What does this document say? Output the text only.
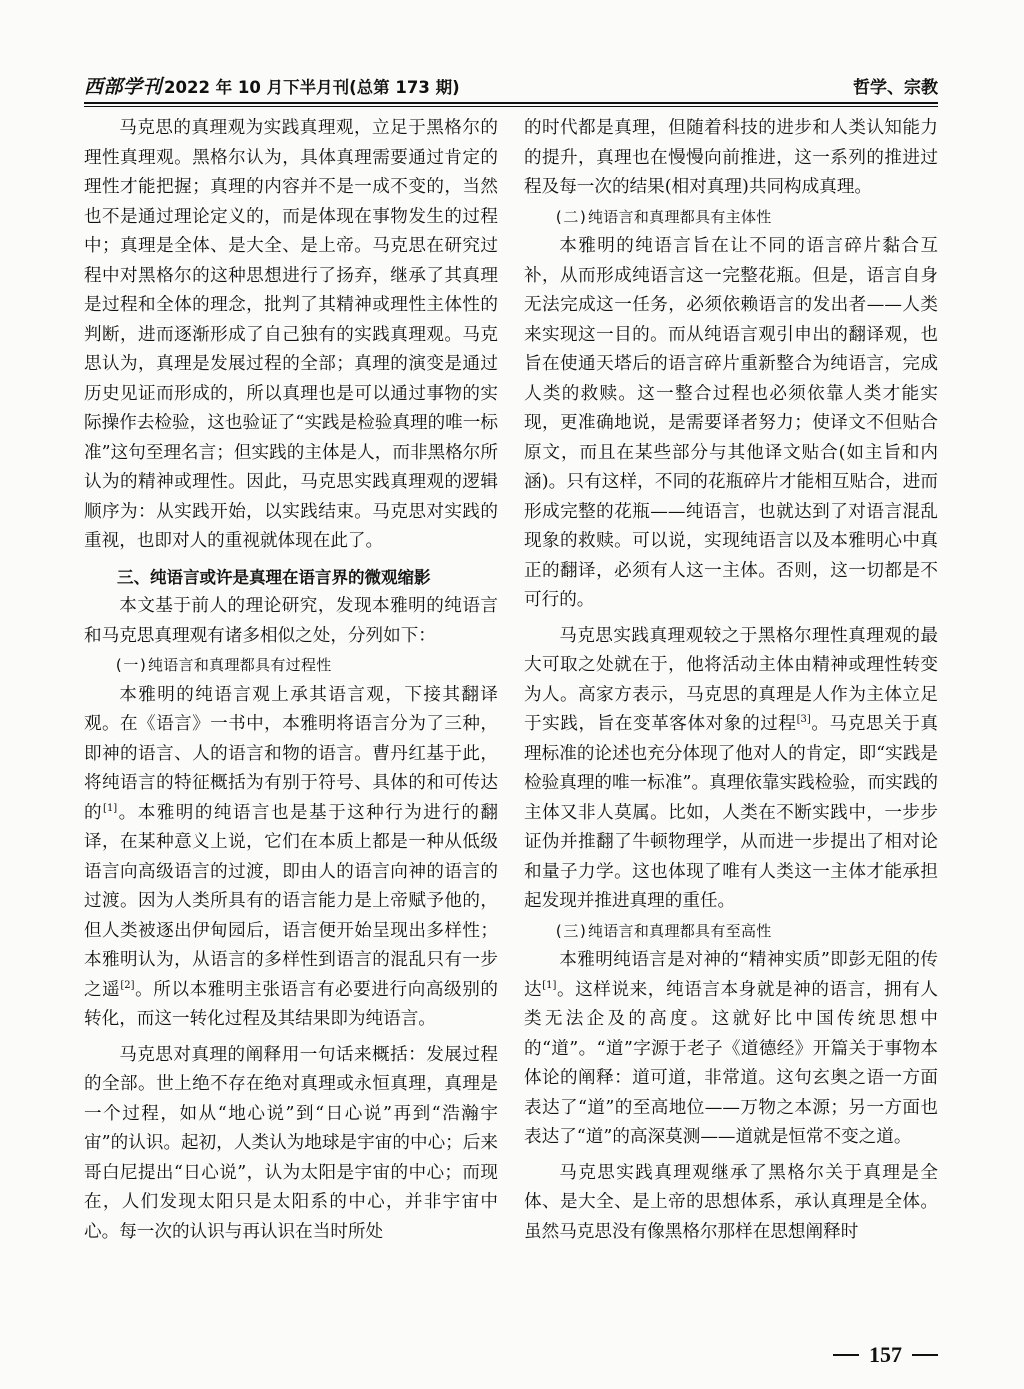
西部学刊 2022 年 10 月下半月刊(总第 173 期)	哲学、宗教

马克思的真理观为实践真理观，立足于黑格尔的理性真理观。黑格尔认为，具体真理需要通过肯定的理性才能把握；真理的内容并不是一成不变的，当然也不是通过理论定义的，而是体现在事物发生的过程中；真理是全体、是大全、是上帝。马克思在研究过程中对黑格尔的这种思想进行了扬弃，继承了其真理是过程和全体的理念，批判了其精神或理性主体性的判断，进而逐渐形成了自己独有的实践真理观。马克思认为，真理是发展过程的全部；真理的演变是通过历史见证而形成的，所以真理也是可以通过事物的实际操作去检验，这也验证了“实践是检验真理的唯一标准”这句至理名言；但实践的主体是人，而非黑格尔所认为的精神或理性。因此，马克思实践真理观的逻辑顺序为：从实践开始，以实践结束。马克思对实践的重视，也即对人的重视就体现在此了。

三、纯语言或许是真理在语言界的微观缩影

本文基于前人的理论研究，发现本雅明的纯语言和马克思真理观有诸多相似之处，分列如下：

(一)纯语言和真理都具有过程性

本雅明的纯语言观上承其语言观，下接其翻译观。在《语言》一书中，本雅明将语言分为了三种，即神的语言、人的语言和物的语言。曹丹红基于此，将纯语言的特征概括为有别于符号、具体的和可传达的[1]。本雅明的纯语言也是基于这种行为进行的翻译，在某种意义上说，它们在本质上都是一种从低级语言向高级语言的过渡，即由人的语言向神的语言的过渡。因为人类所具有的语言能力是上帝赋予他的，但人类被逐出伊甸园后，语言便开始呈现出多样性；本雅明认为，从语言的多样性到语言的混乱只有一步之遥[2]。所以本雅明主张语言有必要进行向高级别的转化，而这一转化过程及其结果即为纯语言。

马克思对真理的阐释用一句话来概括：发展过程的全部。世上绝不存在绝对真理或永恒真理，真理是一个过程，如从“地心说”到“日心说”再到“浩瀚宇宙”的认识。起初，人类认为地球是宇宙的中心；后来哥白尼提出“日心说”，认为太阳是宇宙的中心；而现在，人们发现太阳只是太阳系的中心，并非宇宙中心。每一次的认识与再认识在当时所处

的时代都是真理，但随着科技的进步和人类认知能力的提升，真理也在慢慢向前推进，这一系列的推进过程及每一次的结果(相对真理)共同构成真理。

(二)纯语言和真理都具有主体性

本雅明的纯语言旨在让不同的语言碎片黏合互补，从而形成纯语言这一完整花瓶。但是，语言自身无法完成这一任务，必须依赖语言的发出者——人类来实现这一目的。而从纯语言观引申出的翻译观，也旨在使通天塔后的语言碎片重新整合为纯语言，完成人类的救赎。这一整合过程也必须依靠人类才能实现，更准确地说，是需要译者努力；使译文不但贴合原文，而且在某些部分与其他译文贴合(如主旨和内涵)。只有这样，不同的花瓶碎片才能相互贴合，进而形成完整的花瓶——纯语言，也就达到了对语言混乱现象的救赎。可以说，实现纯语言以及本雅明心中真正的翻译，必须有人这一主体。否则，这一切都是不可行的。

马克思实践真理观较之于黑格尔理性真理观的最大可取之处就在于，他将活动主体由精神或理性转变为人。高家方表示，马克思的真理是人作为主体立足于实践，旨在变革客体对象的过程[3]。马克思关于真理标准的论述也充分体现了他对人的肯定，即“实践是检验真理的唯一标准”。真理依靠实践检验，而实践的主体又非人莫属。比如，人类在不断实践中，一步步证伪并推翻了牛顿物理学，从而进一步提出了相对论和量子力学。这也体现了唯有人类这一主体才能承担起发现并推进真理的重任。

(三)纯语言和真理都具有至高性

本雅明纯语言是对神的“精神实质”即彭无阻的传达[1]。这样说来，纯语言本身就是神的语言，拥有人类无法企及的高度。这就好比中国传统思想中的“道”。“道”字源于老子《道德经》开篇关于事物本体论的阐释：道可道，非常道。这句玄奥之语一方面表达了“道”的至高地位——万物之本源；另一方面也表达了“道”的高深莫测——道就是恒常不变之道。

马克思实践真理观继承了黑格尔关于真理是全体、是大全、是上帝的思想体系，承认真理是全体。虽然马克思没有像黑格尔那样在思想阐释时

157
